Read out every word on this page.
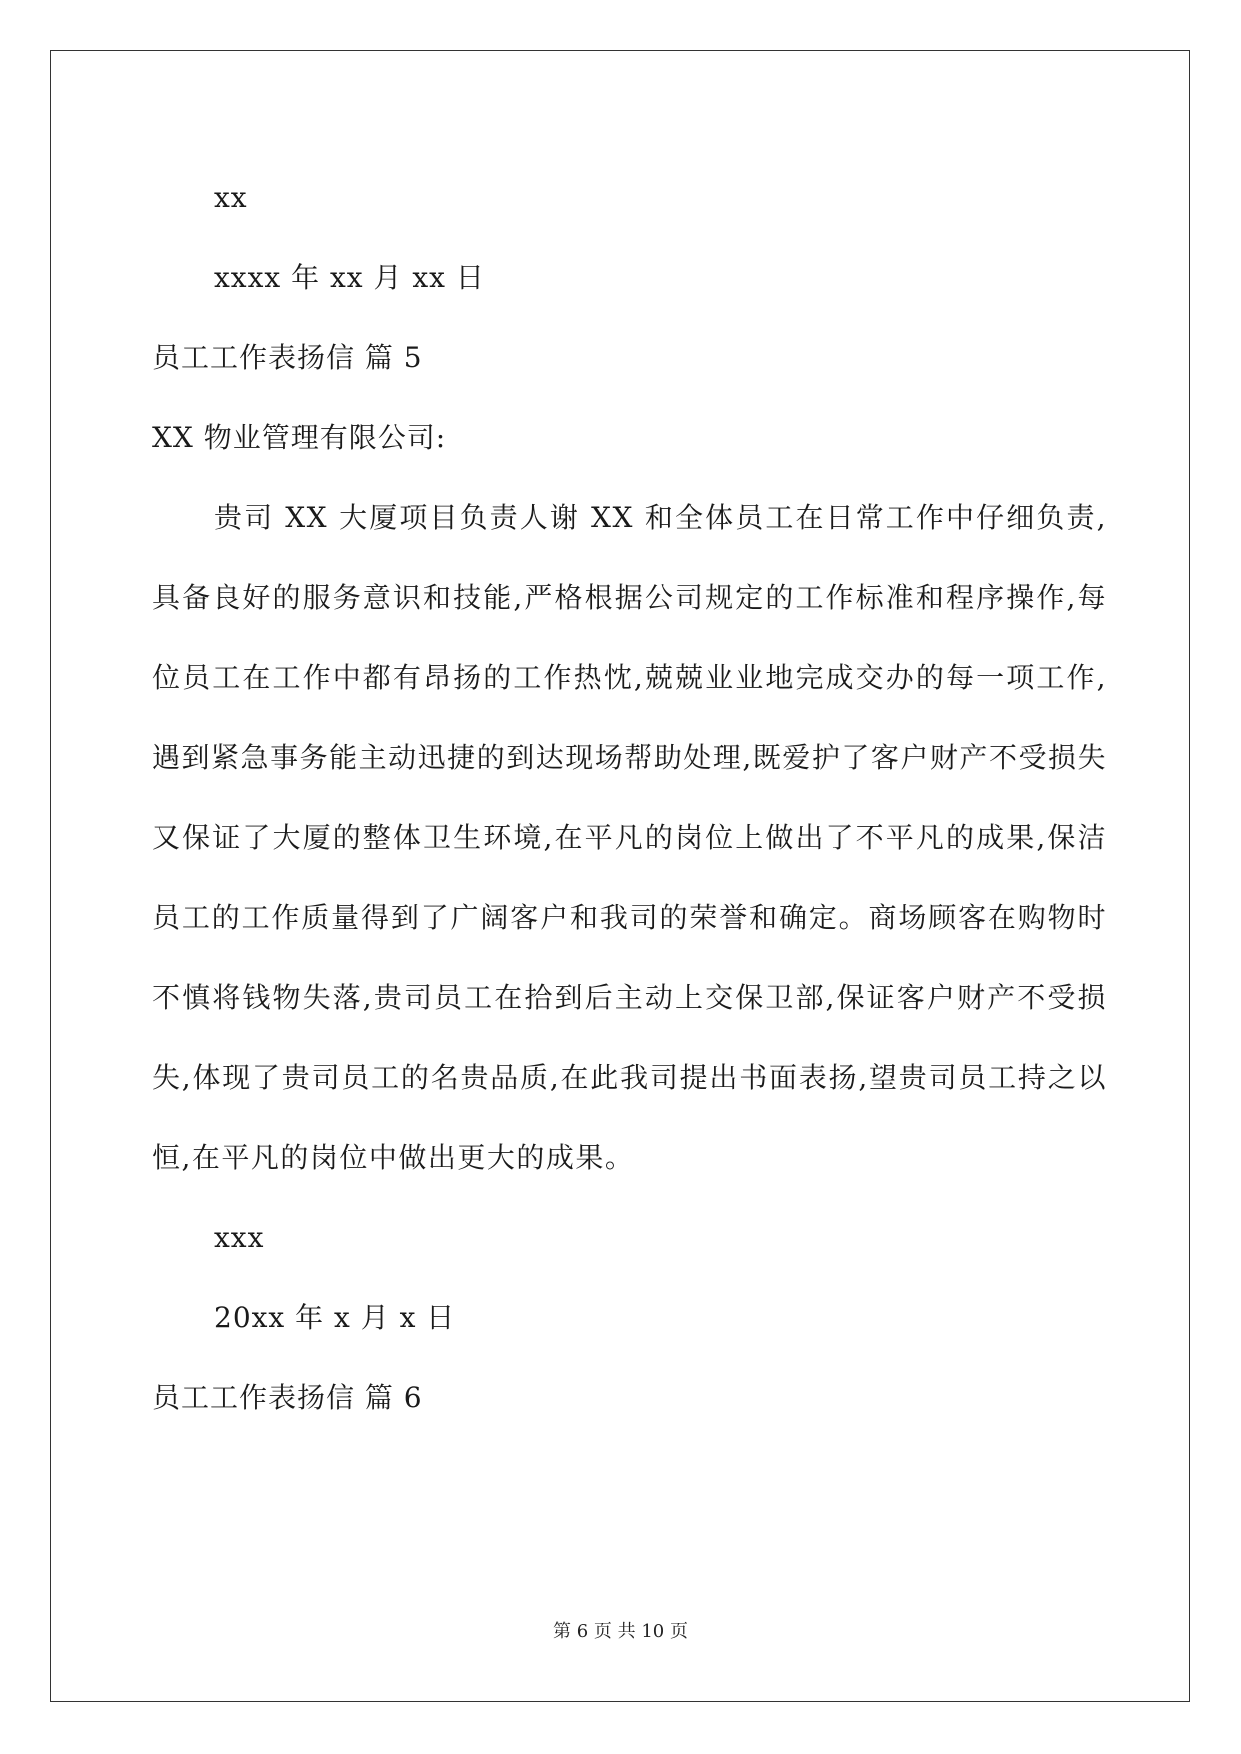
xx
xxxx 年 xx 月 xx 日
员工工作表扬信 篇 5
XX 物业管理有限公司:

贵司 XX 大厦项目负责人谢 XX 和全体员工在日常工作中仔细负责,具备良好的服务意识和技能,严格根据公司规定的工作标准和程序操作,每位员工在工作中都有昂扬的工作热忱,兢兢业业地完成交办的每一项工作,遇到紧急事务能主动迅捷的到达现场帮助处理,既爱护了客户财产不受损失又保证了大厦的整体卫生环境,在平凡的岗位上做出了不平凡的成果,保洁员工的工作质量得到了广阔客户和我司的荣誉和确定。商场顾客在购物时不慎将钱物失落,贵司员工在拾到后主动上交保卫部,保证客户财产不受损失,体现了贵司员工的名贵品质,在此我司提出书面表扬,望贵司员工持之以恒,在平凡的岗位中做出更大的成果。

xxx
20xx 年 x 月 x 日
员工工作表扬信 篇 6
第 6 页 共 10 页
